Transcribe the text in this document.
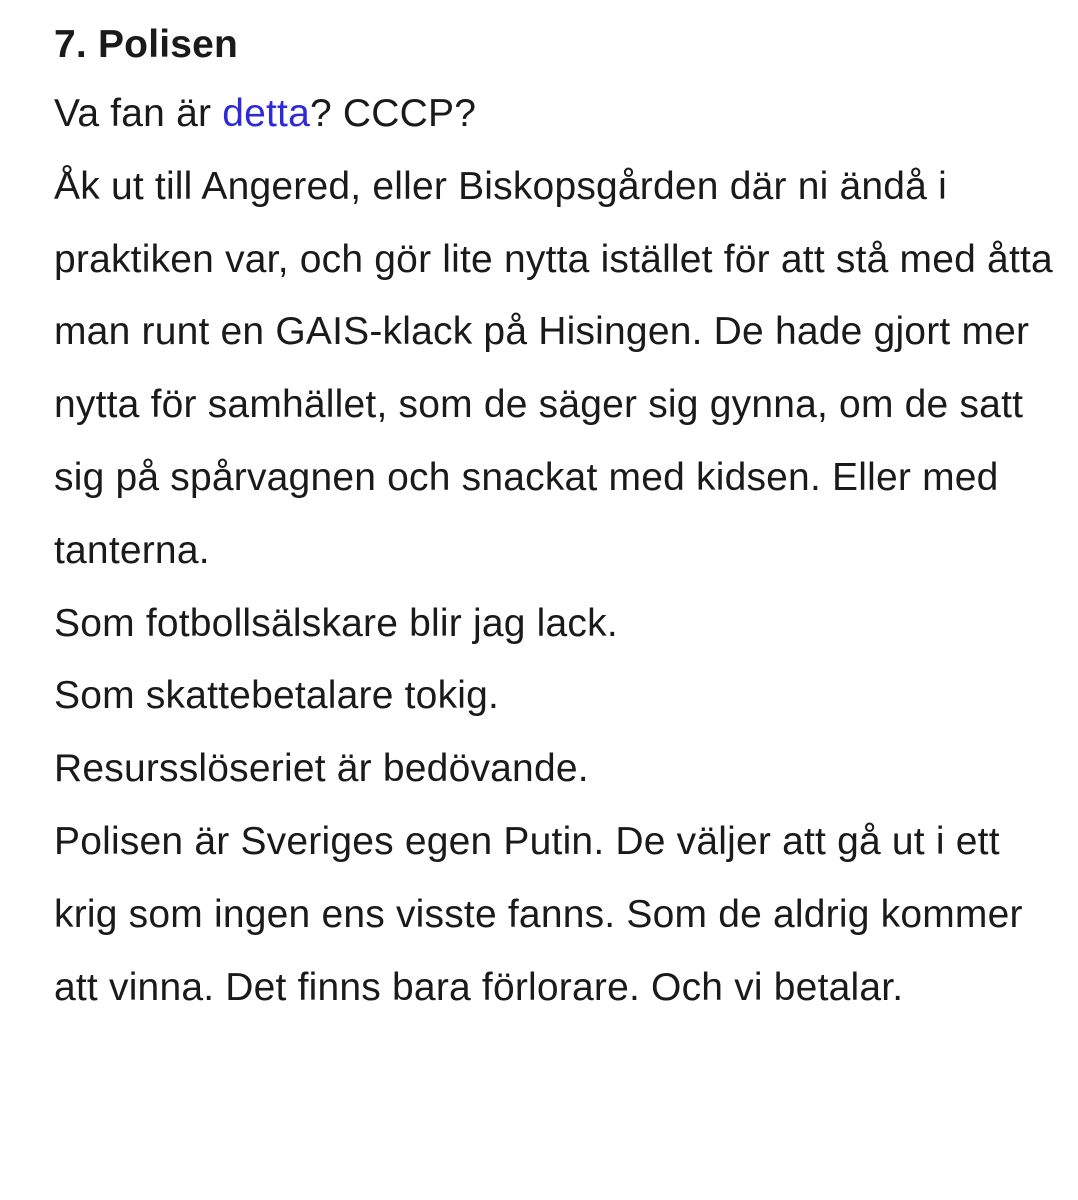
7. Polisen

Va fan är detta? CCCP?

Åk ut till Angered, eller Biskopsgården där ni ändå i praktiken var, och gör lite nytta istället för att stå med åtta man runt en GAIS-klack på Hisingen. De hade gjort mer nytta för samhället, som de säger sig gynna, om de satt sig på spårvagnen och snackat med kidsen. Eller med tanterna.

Som fotbollsälskare blir jag lack.

Som skattebetalare tokig.

Resursslöseriet är bedövande.

Polisen är Sveriges egen Putin. De väljer att gå ut i ett krig som ingen ens visste fanns. Som de aldrig kommer att vinna. Det finns bara förlorare. Och vi betalar.
